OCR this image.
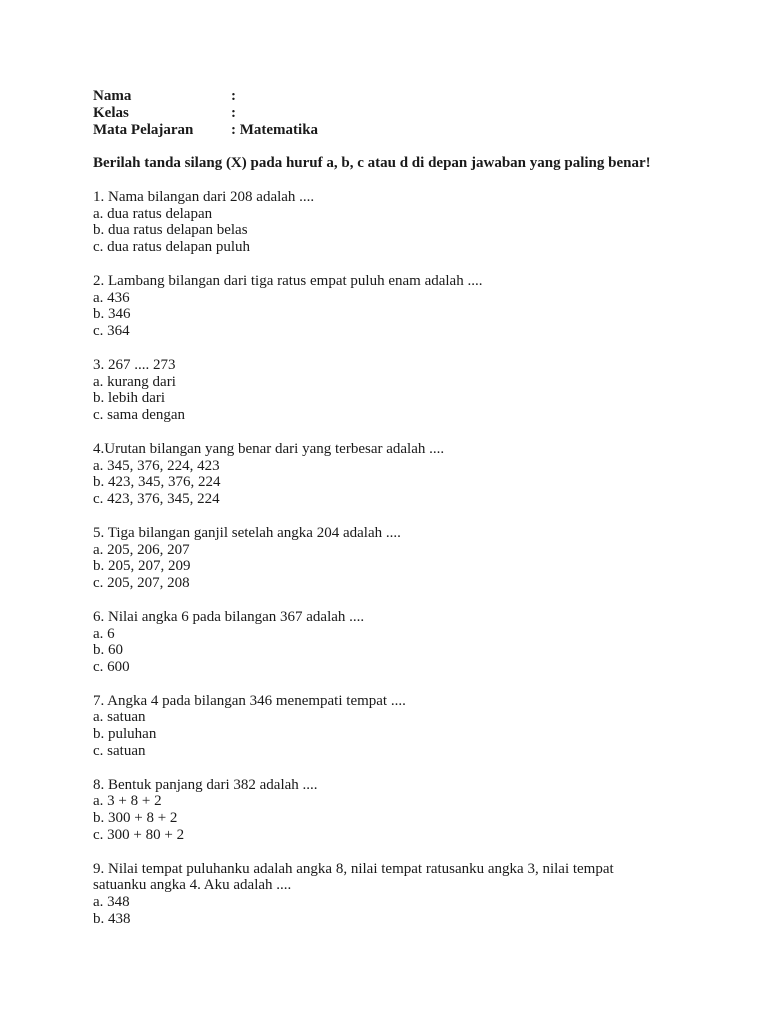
Nama	:
Kelas	:
Mata Pelajaran	: Matematika
Berilah tanda silang (X) pada huruf a, b, c atau d di depan jawaban yang paling benar!
1. Nama bilangan dari 208 adalah ....
a. dua ratus delapan
b. dua ratus delapan belas
c. dua ratus delapan puluh
2. Lambang bilangan dari tiga ratus empat puluh enam adalah ....
a. 436
b. 346
c. 364
3. 267 .... 273
a. kurang dari
b. lebih dari
c. sama dengan
4.Urutan bilangan yang benar dari yang terbesar adalah ....
a. 345, 376, 224, 423
b. 423, 345, 376, 224
c. 423, 376, 345, 224
5. Tiga bilangan ganjil setelah angka 204 adalah ....
a. 205, 206, 207
b. 205, 207, 209
c. 205, 207, 208
6. Nilai angka 6 pada bilangan 367 adalah ....
a. 6
b. 60
c. 600
7. Angka 4 pada bilangan 346 menempati tempat ....
a. satuan
b. puluhan
c. satuan
8. Bentuk panjang dari 382 adalah ....
a. 3 + 8 + 2
b. 300 + 8 + 2
c. 300 + 80 + 2
9. Nilai tempat puluhanku adalah angka 8, nilai tempat ratusanku angka 3, nilai tempat
satuanku angka 4. Aku adalah ....
a. 348
b. 438
